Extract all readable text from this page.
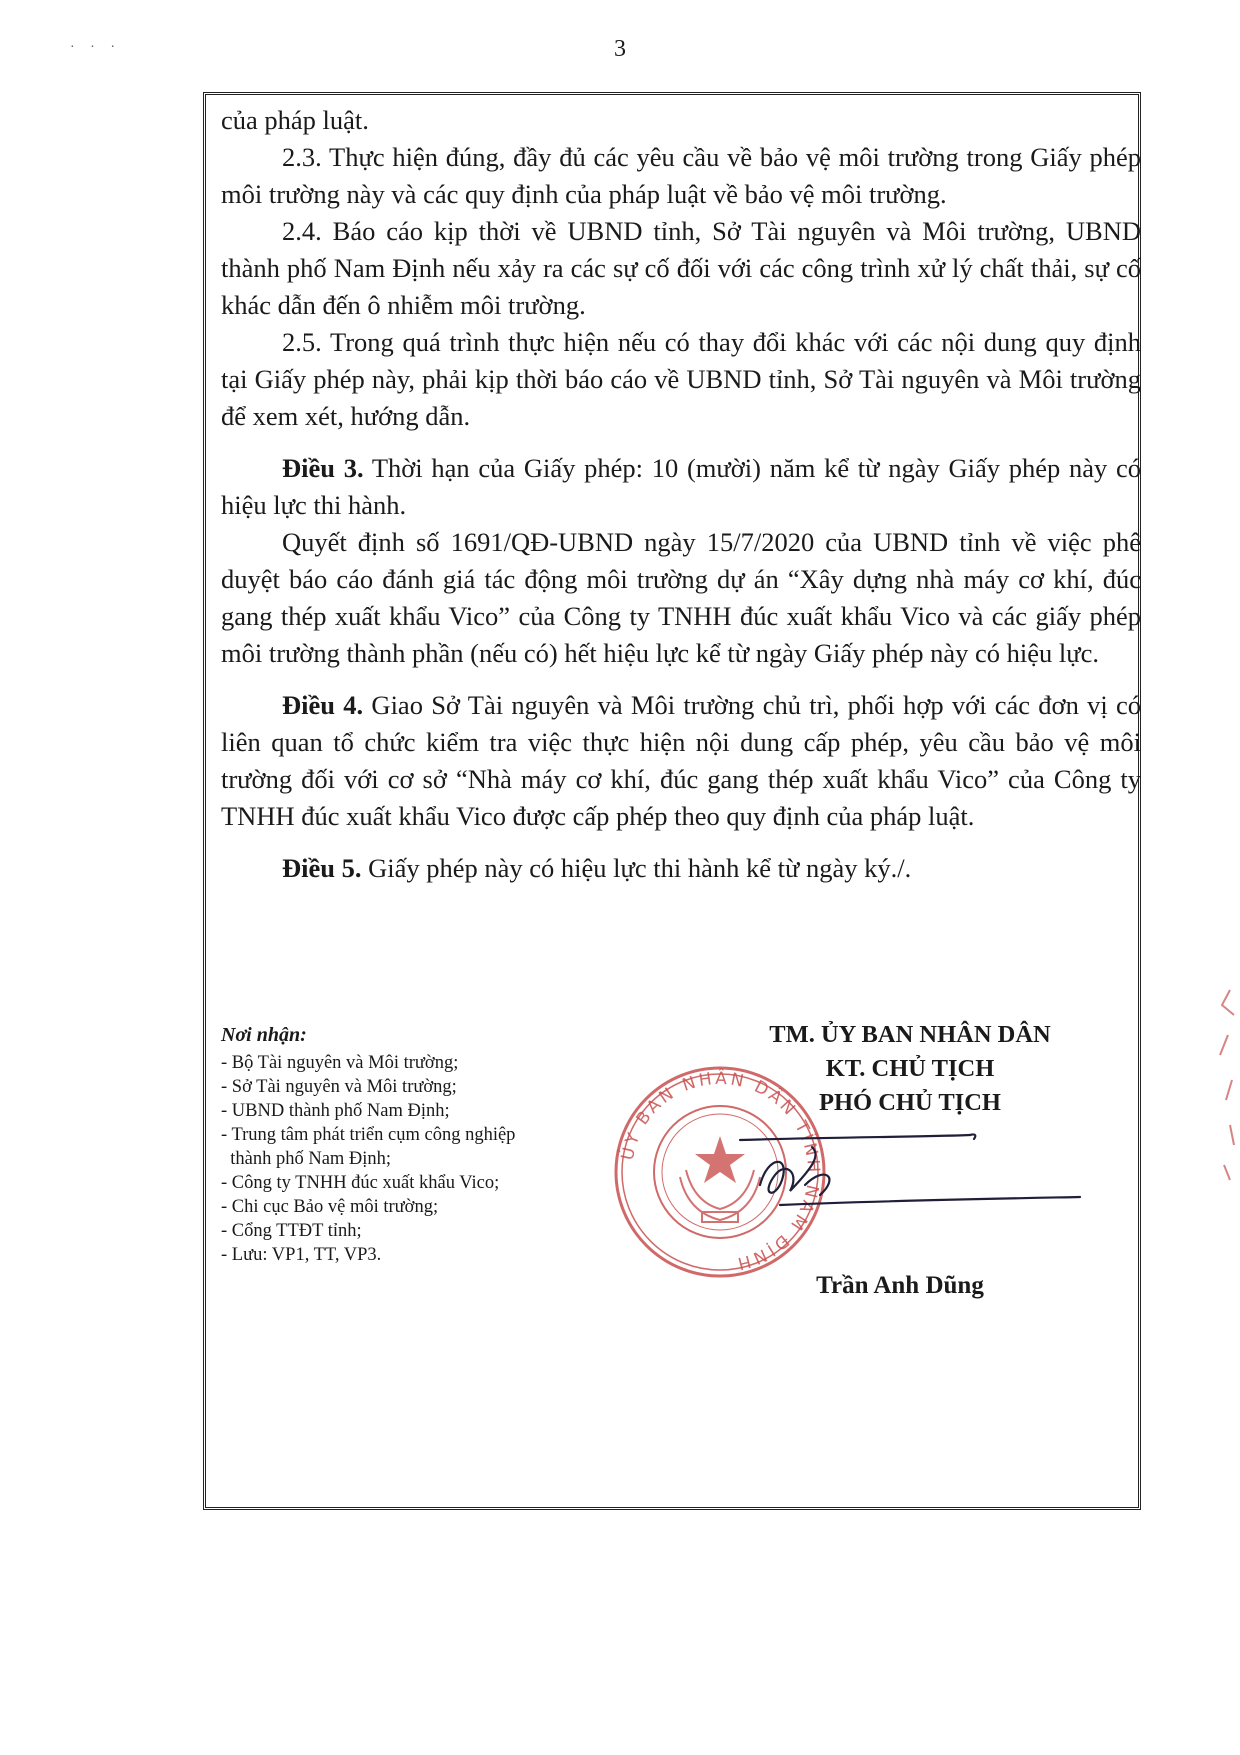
· · ·	3

của pháp luật.

2.3. Thực hiện đúng, đầy đủ các yêu cầu về bảo vệ môi trường trong Giấy phép môi trường này và các quy định của pháp luật về bảo vệ môi trường.

2.4. Báo cáo kịp thời về UBND tỉnh, Sở Tài nguyên và Môi trường, UBND thành phố Nam Định nếu xảy ra các sự cố đối với các công trình xử lý chất thải, sự cố khác dẫn đến ô nhiễm môi trường.

2.5. Trong quá trình thực hiện nếu có thay đổi khác với các nội dung quy định tại Giấy phép này, phải kịp thời báo cáo về UBND tỉnh, Sở Tài nguyên và Môi trường để xem xét, hướng dẫn.

Điều 3. Thời hạn của Giấy phép: 10 (mười) năm kể từ ngày Giấy phép này có hiệu lực thi hành.

Quyết định số 1691/QĐ-UBND ngày 15/7/2020 của UBND tỉnh về việc phê duyệt báo cáo đánh giá tác động môi trường dự án “Xây dựng nhà máy cơ khí, đúc gang thép xuất khẩu Vico” của Công ty TNHH đúc xuất khẩu Vico và các giấy phép môi trường thành phần (nếu có) hết hiệu lực kể từ ngày Giấy phép này có hiệu lực.

Điều 4. Giao Sở Tài nguyên và Môi trường chủ trì, phối hợp với các đơn vị có liên quan tổ chức kiểm tra việc thực hiện nội dung cấp phép, yêu cầu bảo vệ môi trường đối với cơ sở “Nhà máy cơ khí, đúc gang thép xuất khẩu Vico” của Công ty TNHH đúc xuất khẩu Vico được cấp phép theo quy định của pháp luật.

Điều 5. Giấy phép này có hiệu lực thi hành kể từ ngày ký./.

Nơi nhận:
- Bộ Tài nguyên và Môi trường;
- Sở Tài nguyên và Môi trường;
- UBND thành phố Nam Định;
- Trung tâm phát triển cụm công nghiệp
thành phố Nam Định;
- Công ty TNHH đúc xuất khẩu Vico;
- Chi cục Bảo vệ môi trường;
- Cổng TTĐT tỉnh;
- Lưu: VP1, TT, VP3.
ỦY BAN NHÂN DÂN TỈNH NAM ĐỊNH
TM. ỦY BAN NHÂN DÂN
KT. CHỦ TỊCH
PHÓ CHỦ TỊCH
Trần Anh Dũng
